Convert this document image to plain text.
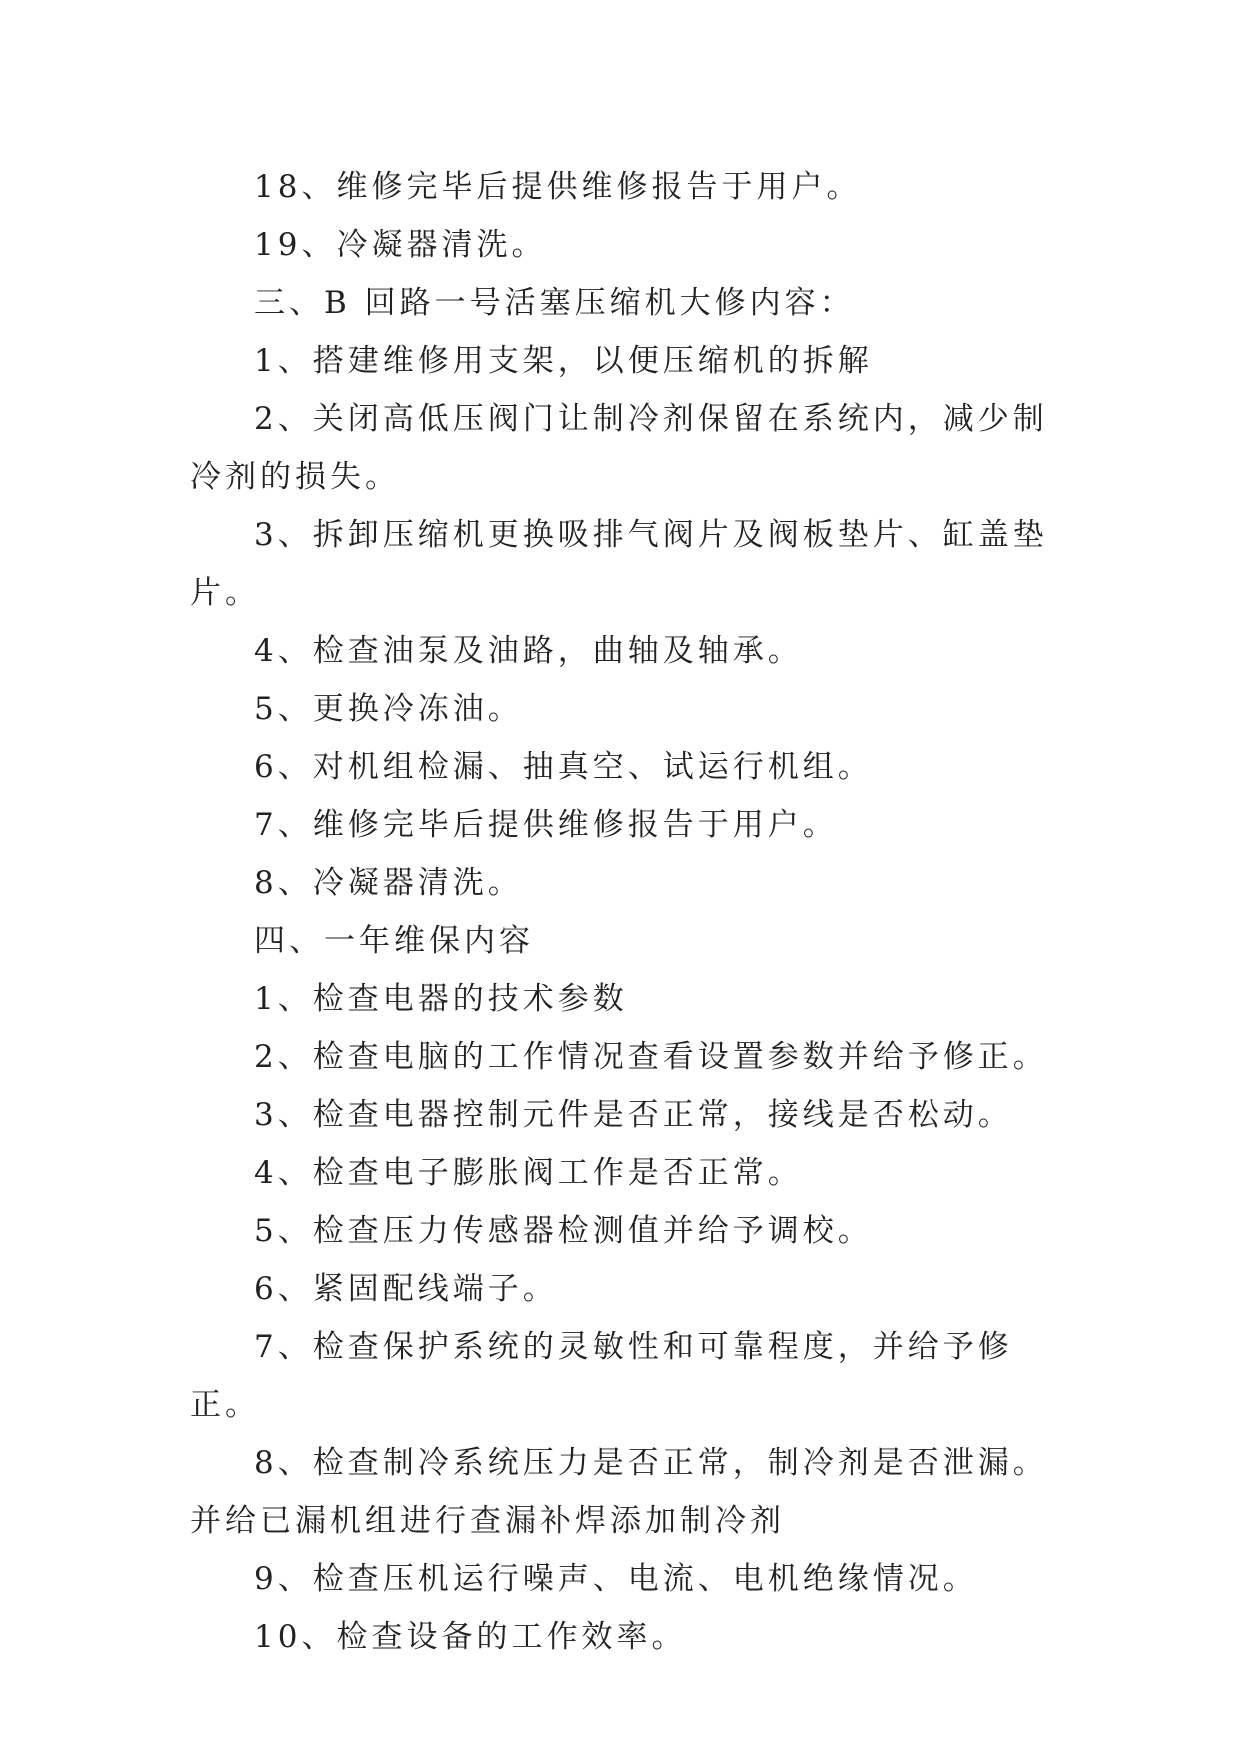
18、维修完毕后提供维修报告于用户。

19、冷凝器清洗。

三、B 回路一号活塞压缩机大修内容：

1、搭建维修用支架，以便压缩机的拆解

2、关闭高低压阀门让制冷剂保留在系统内，减少制冷剂的损失。

3、拆卸压缩机更换吸排气阀片及阀板垫片、缸盖垫片。

4、检查油泵及油路，曲轴及轴承。

5、更换冷冻油。

6、对机组检漏、抽真空、试运行机组。

7、维修完毕后提供维修报告于用户。

8、冷凝器清洗。

四、一年维保内容

1、检查电器的技术参数

2、检查电脑的工作情况查看设置参数并给予修正。

3、检查电器控制元件是否正常，接线是否松动。

4、检查电子膨胀阀工作是否正常。

5、检查压力传感器检测值并给予调校。

6、紧固配线端子。

7、检查保护系统的灵敏性和可靠程度，并给予修正。

8、检查制冷系统压力是否正常，制冷剂是否泄漏。并给已漏机组进行查漏补焊添加制冷剂

9、检查压机运行噪声、电流、电机绝缘情况。

10、检查设备的工作效率。
